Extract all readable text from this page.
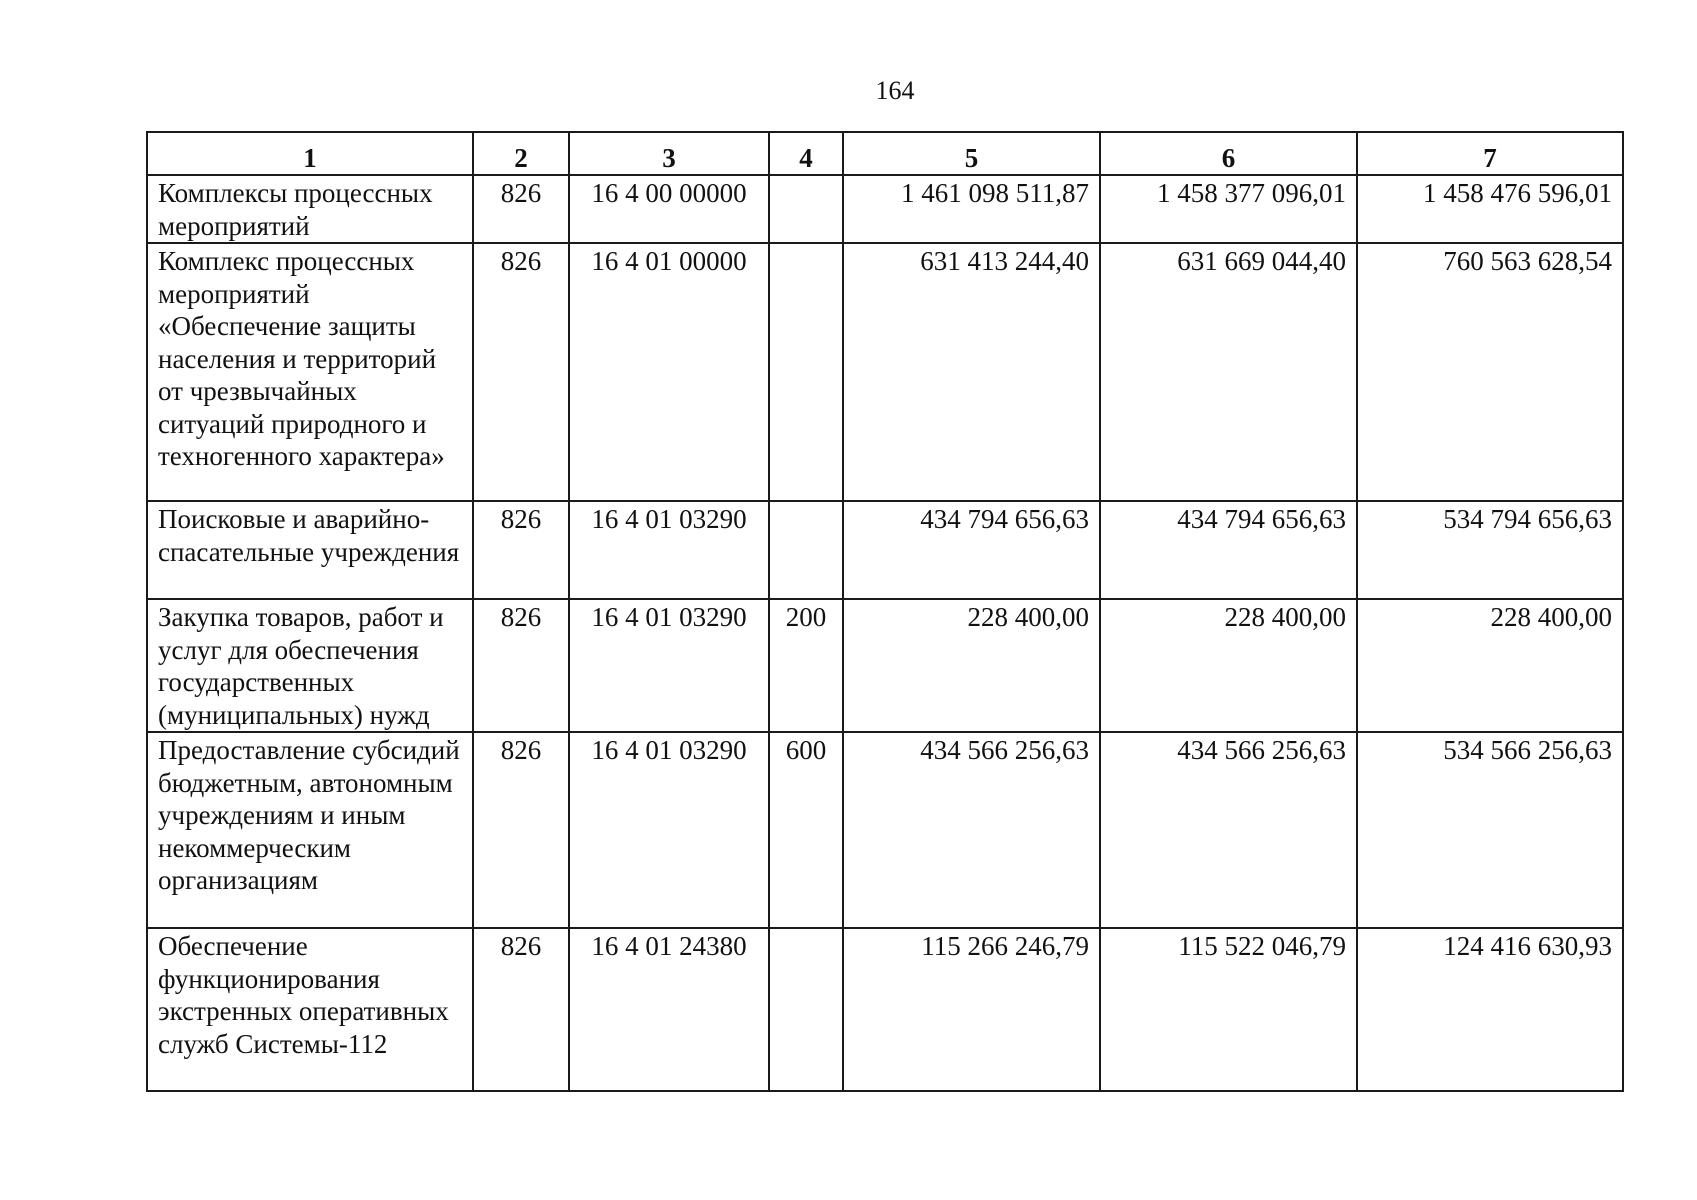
164
1	2	3	4	5	6	7
Комплексы процессных мероприятий	826	16 4 00 00000		1 461 098 511,87	1 458 377 096,01	1 458 476 596,01
Комплекс процессных мероприятий «Обеспечение защиты населения и территорий от чрезвычайных ситуаций природного и техногенного характера»	826	16 4 01 00000		631 413 244,40	631 669 044,40	760 563 628,54
Поисковые и аварийно-спасательные учреждения	826	16 4 01 03290		434 794 656,63	434 794 656,63	534 794 656,63
Закупка товаров, работ и услуг для обеспечения государственных (муниципальных) нужд	826	16 4 01 03290	200	228 400,00	228 400,00	228 400,00
Предоставление субсидий бюджетным, автономным учреждениям и иным некоммерческим организациям	826	16 4 01 03290	600	434 566 256,63	434 566 256,63	534 566 256,63
Обеспечение функционирования экстренных оперативных служб Системы-112	826	16 4 01 24380		115 266 246,79	115 522 046,79	124 416 630,93
